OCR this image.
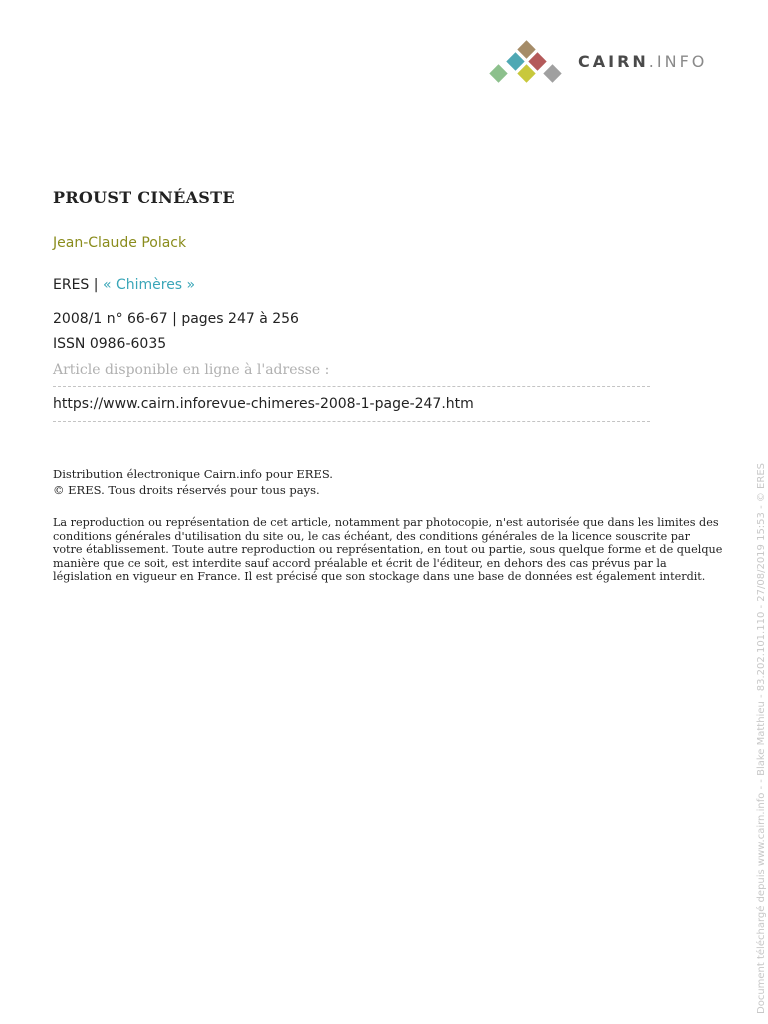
CAIRN.INFO
PROUST CINÉASTE
Jean-Claude Polack
ERES | « Chimères »
2008/1 n° 66-67 | pages 247 à 256
ISSN 0986-6035
Article disponible en ligne à l'adresse :
https://www.cairn.inforevue-chimeres-2008-1-page-247.htm
Distribution électronique Cairn.info pour ERES.
© ERES. Tous droits réservés pour tous pays.

La reproduction ou représentation de cet article, notamment par photocopie, n'est autorisée que dans les limites des conditions générales d'utilisation du site ou, le cas échéant, des conditions générales de la licence souscrite par votre établissement. Toute autre reproduction ou représentation, en tout ou partie, sous quelque forme et de quelque manière que ce soit, est interdite sauf accord préalable et écrit de l'éditeur, en dehors des cas prévus par la législation en vigueur en France. Il est précisé que son stockage dans une base de données est également interdit.	Document téléchargé depuis www.cairn.info - - Blake Matthieu - 83.202.101.110 - 27/08/2019 15:53 - © ERES
